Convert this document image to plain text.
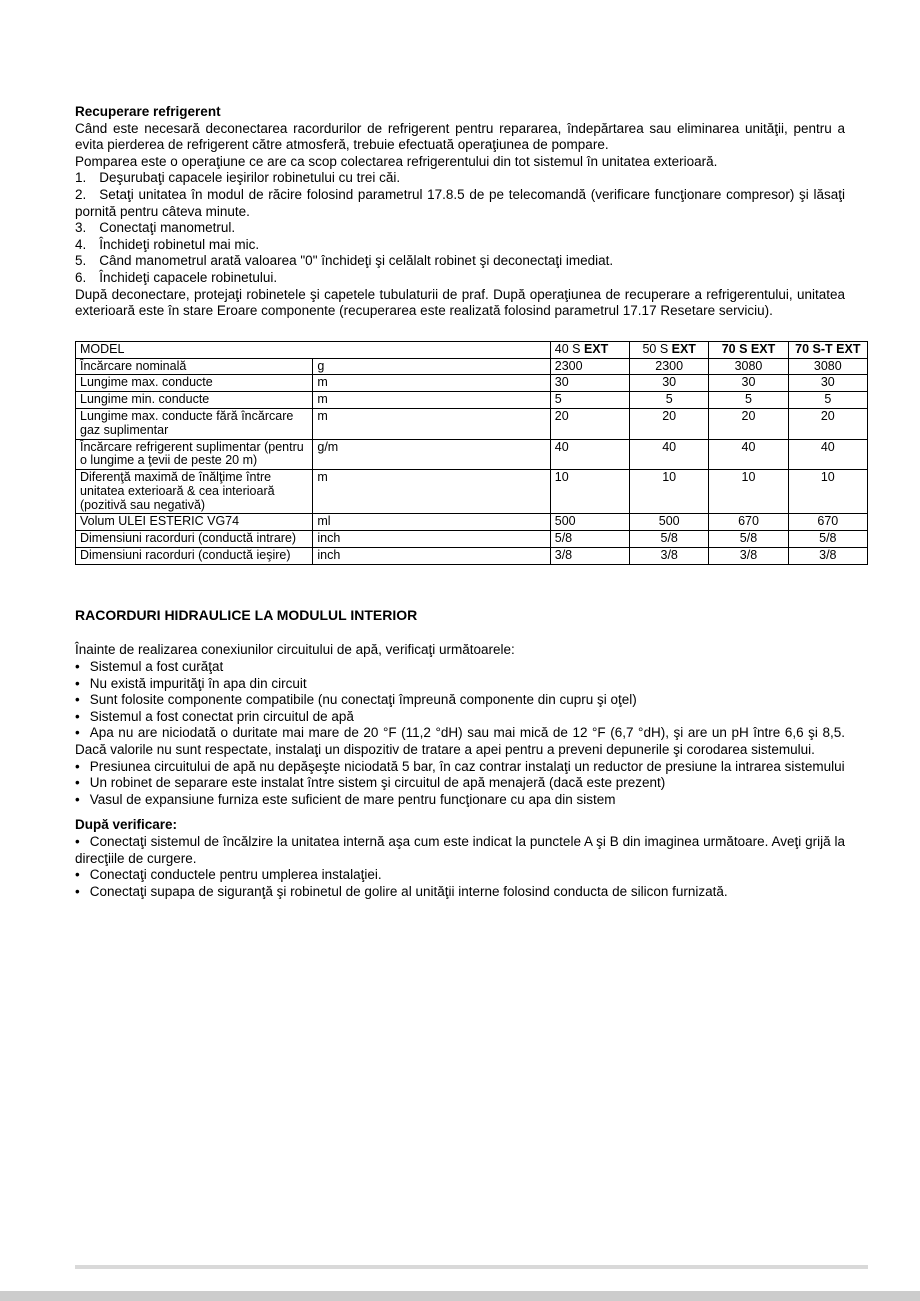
Recuperare refrigerent

Când este necesară deconectarea racordurilor de refrigerent pentru repararea, îndepărtarea sau eliminarea unităţii, pentru a evita pierderea de refrigerent către atmosferă, trebuie efectuată operaţiunea de pompare.

Pomparea este o operaţiune ce are ca scop colectarea refrigerentului din tot sistemul în unitatea exterioară.

Deşurubaţi capacele ieşirilor robinetului cu trei căi.
Setaţi unitatea în modul de răcire folosind parametrul 17.8.5 de pe telecomandă (verificare funcţionare compresor) şi lăsaţi pornită pentru câteva minute.
Conectaţi manometrul.
Închideţi robinetul mai mic.
Când manometrul arată valoarea "0" închideţi şi celălalt robinet şi deconectaţi imediat.
Închideţi capacele robinetului.

După deconectare, protejaţi robinetele şi capetele tubulaturii de praf. După operaţiunea de recuperare a refrigerentului, unitatea exterioară este în stare Eroare componente (recuperarea este realizată folosind parametrul 17.17 Resetare serviciu).

MODEL		40 S EXT	50 S EXT	70 S EXT	70 S-T EXT
Încărcare nominală	g	2300	2300	3080	3080
Lungime max. conducte	m	30	30	30	30
Lungime min. conducte	m	5	5	5	5
Lungime max. conducte fără încărcare gaz suplimentar	m	20	20	20	20
Încărcare refrigerent suplimentar (pentru o lungime a ţevii de peste 20 m)	g/m	40	40	40	40
Diferenţă maximă de înălţime între unitatea exterioară & cea interioară (pozitivă sau negativă)	m	10	10	10	10
Volum ULEI ESTERIC VG74	ml	500	500	670	670
Dimensiuni racorduri (conductă intrare)	inch	5/8	5/8	5/8	5/8
Dimensiuni racorduri (conductă ieşire)	inch	3/8	3/8	3/8	3/8
RACORDURI HIDRAULICE LA MODULUL INTERIOR

Înainte de realizarea conexiunilor circuitului de apă, verificaţi următoarele:

• Sistemul a fost curăţat
• Nu există impurităţi în apa din circuit
• Sunt folosite componente compatibile (nu conectaţi împreună componente din cupru şi oţel)
• Sistemul a fost conectat prin circuitul de apă
• Apa nu are niciodată o duritate mai mare de 20 °F (11,2 °dH) sau mai mică de 12 °F (6,7 °dH), şi are un pH între 6,6 şi 8,5. Dacă valorile nu sunt respectate, instalaţi un dispozitiv de tratare a apei pentru a preveni depunerile şi corodarea sistemului.
• Presiunea circuitului de apă nu depăşeşte niciodată 5 bar, în caz contrar instalaţi un reductor de presiune la intrarea sistemului
• Un robinet de separare este instalat între sistem şi circuitul de apă menajeră (dacă este prezent)
• Vasul de expansiune furniza este suficient de mare pentru funcţionare cu apa din sistem
După verificare:
• Conectaţi sistemul de încălzire la unitatea internă aşa cum este indicat la punctele A şi B din imaginea următoare. Aveţi grijă la direcţiile de curgere.
• Conectaţi conductele pentru umplerea instalaţiei.
• Conectaţi supapa de siguranţă şi robinetul de golire al unităţii interne folosind conducta de silicon furnizată.
